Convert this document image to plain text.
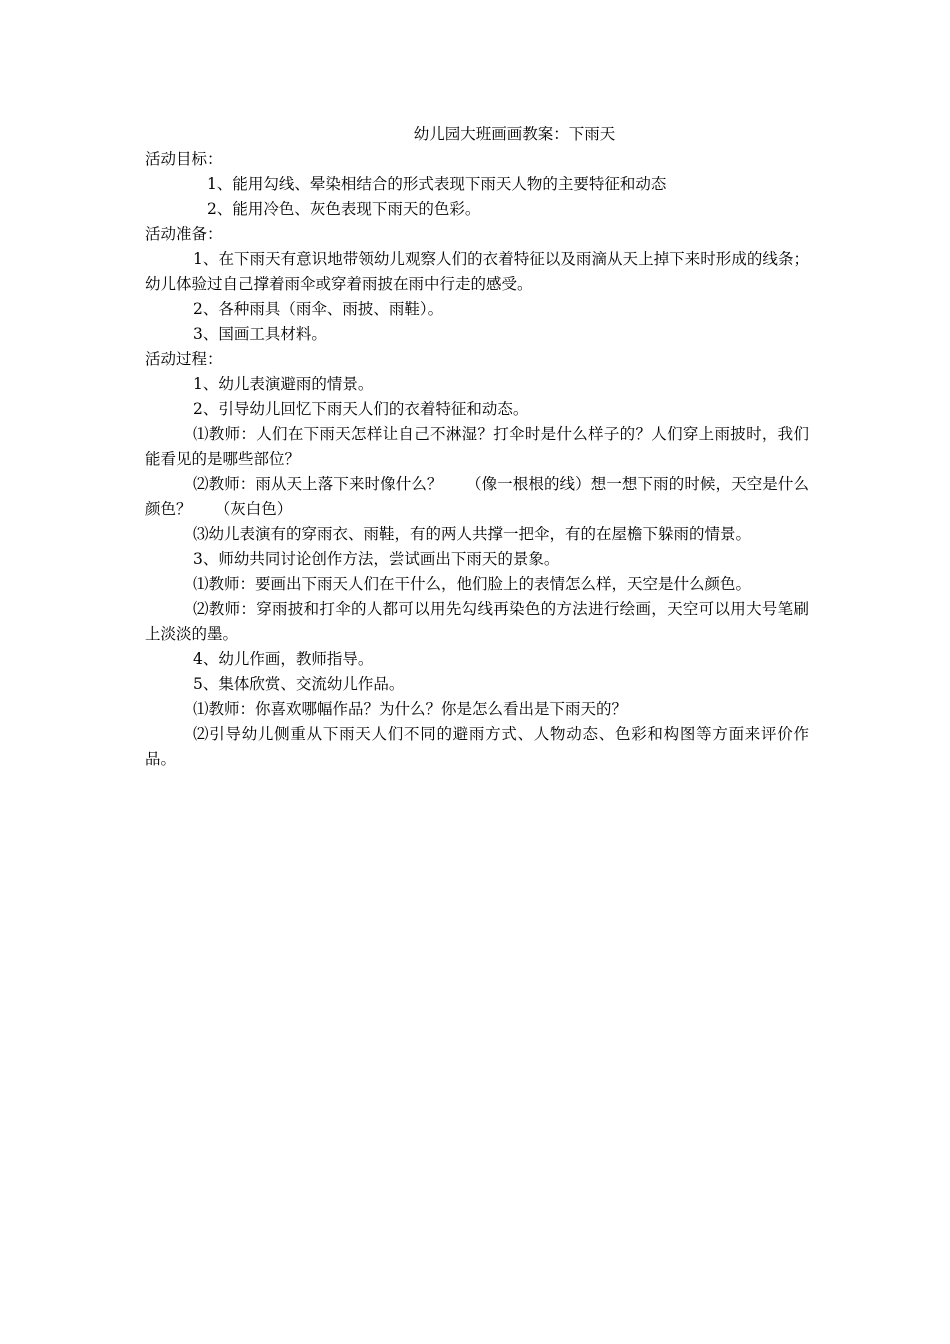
幼儿园大班画画教案：下雨天

活动目标：

1、能用勾线、晕染相结合的形式表现下雨天人物的主要特征和动态

2、能用冷色、灰色表现下雨天的色彩。

活动准备：

1、在下雨天有意识地带领幼儿观察人们的衣着特征以及雨滴从天上掉下来时形成的线条；幼儿体验过自己撑着雨伞或穿着雨披在雨中行走的感受。

2、各种雨具（雨伞、雨披、雨鞋）。

3、国画工具材料。

活动过程：

1、幼儿表演避雨的情景。

2、引导幼儿回忆下雨天人们的衣着特征和动态。

⑴教师：人们在下雨天怎样让自己不淋湿？打伞时是什么样子的？人们穿上雨披时，我们能看见的是哪些部位？

⑵教师：雨从天上落下来时像什么？　　（像一根根的线）想一想下雨的时候，天空是什么颜色？　　（灰白色）

⑶幼儿表演有的穿雨衣、雨鞋，有的两人共撑一把伞，有的在屋檐下躲雨的情景。

3、师幼共同讨论创作方法，尝试画出下雨天的景象。

⑴教师：要画出下雨天人们在干什么，他们脸上的表情怎么样，天空是什么颜色。

⑵教师：穿雨披和打伞的人都可以用先勾线再染色的方法进行绘画，天空可以用大号笔刷上淡淡的墨。

4、幼儿作画，教师指导。

5、集体欣赏、交流幼儿作品。

⑴教师：你喜欢哪幅作品？为什么？你是怎么看出是下雨天的？

⑵引导幼儿侧重从下雨天人们不同的避雨方式、人物动态、色彩和构图等方面来评价作品。
